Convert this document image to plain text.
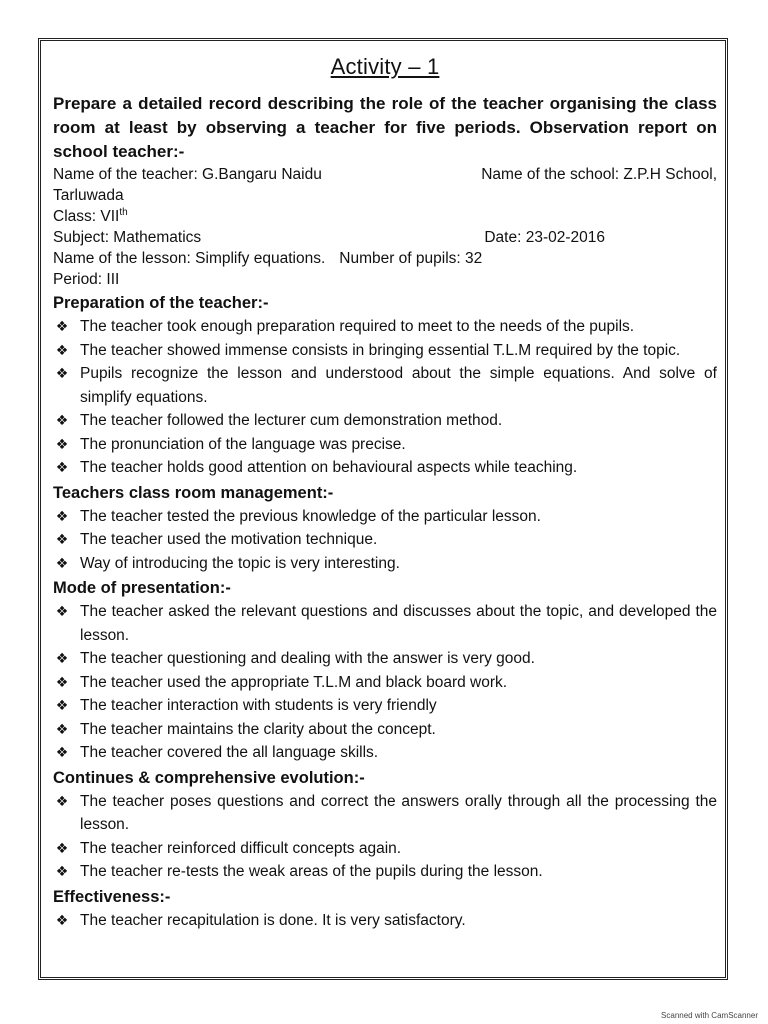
Activity – 1

Prepare a detailed record describing the role of the teacher organising the class room at least by observing a teacher for five periods. Observation report on school teacher:-

Name of the teacher: G.Bangaru Naidu	Name of the school: Z.P.H School,
Tarluwada
Class: VIIth
Subject: Mathematics	Date: 23-02-2016
Name of the lesson: Simplify equations. Number of pupils: 32
Period: III
Preparation of the teacher:-
❖ The teacher took enough preparation required to meet to the needs of the pupils.
❖ The teacher showed immense consists in bringing essential T.L.M required by the topic.
❖ Pupils recognize the lesson and understood about the simple equations. And solve of simplify equations.
❖ The teacher followed the lecturer cum demonstration method.
❖ The pronunciation of the language was precise.
❖ The teacher holds good attention on behavioural aspects while teaching.
Teachers class room management:-
❖ The teacher tested the previous knowledge of the particular lesson.
❖ The teacher used the motivation technique.
❖ Way of introducing the topic is very interesting.
Mode of presentation:-
❖ The teacher asked the relevant questions and discusses about the topic, and developed the lesson.
❖ The teacher questioning and dealing with the answer is very good.
❖ The teacher used the appropriate T.L.M and black board work.
❖ The teacher interaction with students is very friendly
❖ The teacher maintains the clarity about the concept.
❖ The teacher covered the all language skills.
Continues & comprehensive evolution:-
❖ The teacher poses questions and correct the answers orally through all the processing the lesson.
❖ The teacher reinforced difficult concepts again.
❖ The teacher re-tests the weak areas of the pupils during the lesson.
Effectiveness:-
❖ The teacher recapitulation is done. It is very satisfactory.
Scanned with CamScanner
